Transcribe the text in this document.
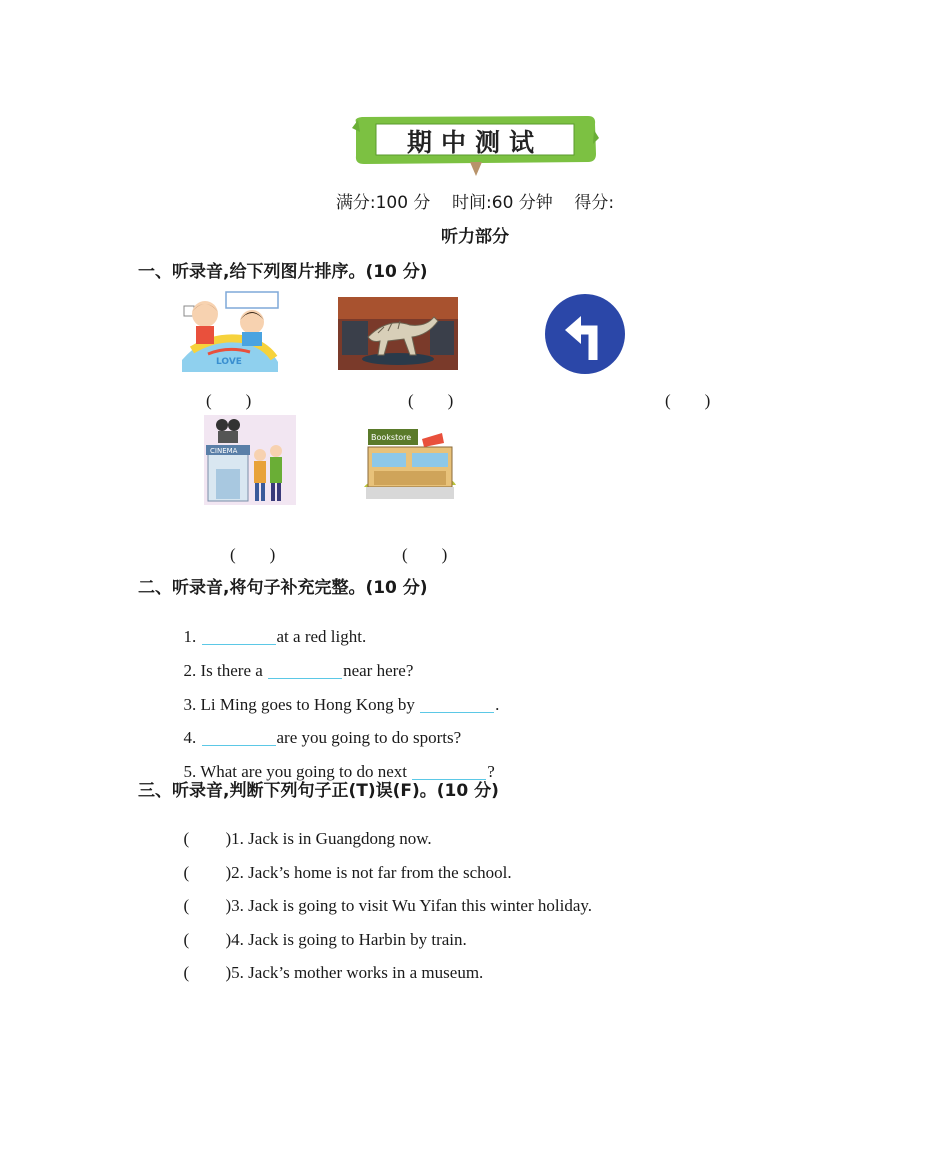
期中测试
满分:100 分    时间:60 分钟    得分:
听力部分
一、听录音,给下列图片排序。(10 分)
LOVE
(　　)	(　　)	(　　)
CINEMA
Bookstore
(　　)	(　　)
二、听录音,将句子补充完整。(10 分)

1.	at a red light.

2. Is there a	near here?

3. Li Ming goes to Hong Kong by	.

4.	are you going to do sports?

5. What are you going to do next	?

三、听录音,判断下列句子正(T)误(F)。(10 分)

( )1. Jack is in Guangdong now.

( )2. Jack’s home is not far from the school.

( )3. Jack is going to visit Wu Yifan this winter holiday.

( )4. Jack is going to Harbin by train.

( )5. Jack’s mother works in a museum.
